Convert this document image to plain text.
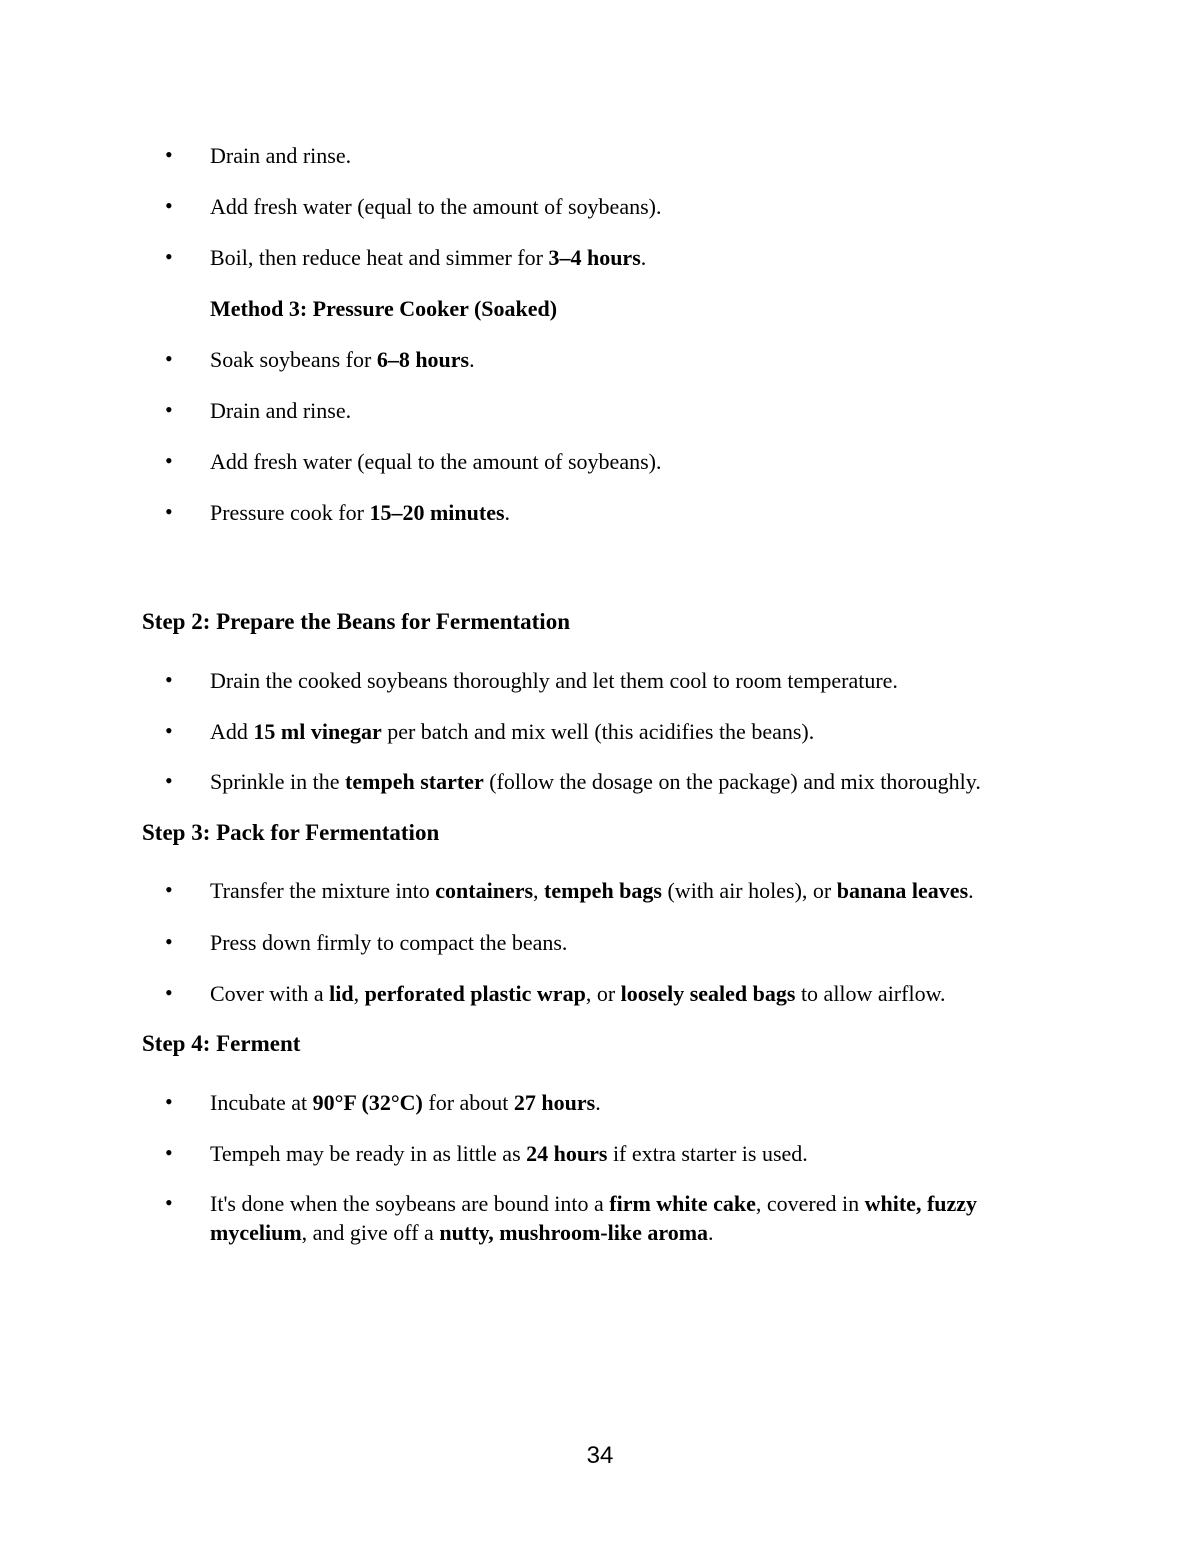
• Drain and rinse.
• Add fresh water (equal to the amount of soybeans).
• Boil, then reduce heat and simmer for 3–4 hours.
Method 3: Pressure Cooker (Soaked)
• Soak soybeans for 6–8 hours.
• Drain and rinse.
• Add fresh water (equal to the amount of soybeans).
• Pressure cook for 15–20 minutes.
Step 2: Prepare the Beans for Fermentation
• Drain the cooked soybeans thoroughly and let them cool to room temperature.
• Add 15 ml vinegar per batch and mix well (this acidifies the beans).
• Sprinkle in the tempeh starter (follow the dosage on the package) and mix thoroughly.
Step 3: Pack for Fermentation
• Transfer the mixture into containers, tempeh bags (with air holes), or banana leaves.
• Press down firmly to compact the beans.
• Cover with a lid, perforated plastic wrap, or loosely sealed bags to allow airflow.
Step 4: Ferment
• Incubate at 90°F (32°C) for about 27 hours.
• Tempeh may be ready in as little as 24 hours if extra starter is used.
• It's done when the soybeans are bound into a firm white cake, covered in white, fuzzy
mycelium, and give off a nutty, mushroom-like aroma.
34
